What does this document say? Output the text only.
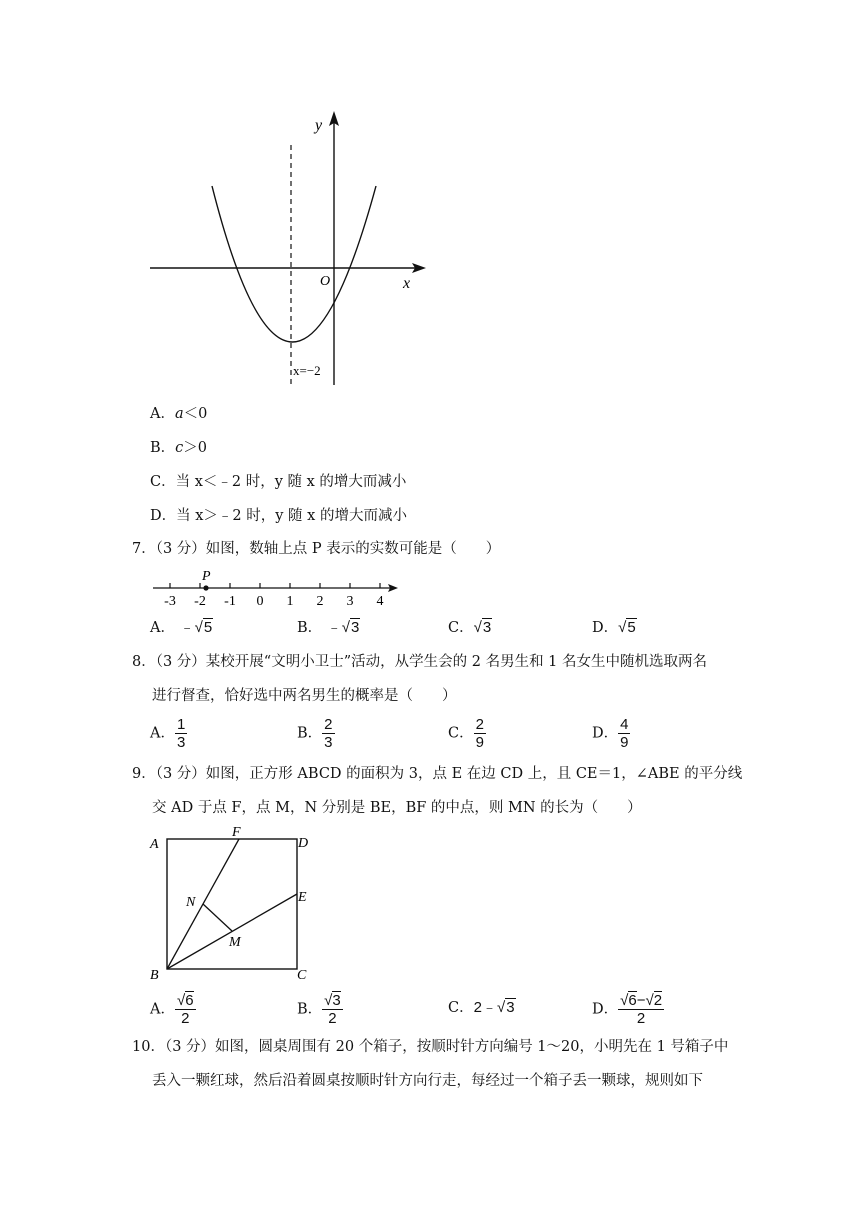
y
x
O
x=−2
A．a＜0
B．c＞0
C．当 x＜﹣2 时，y 随 x 的增大而减小
D．当 x＞﹣2 时，y 随 x 的增大而减小
7．（3 分）如图，数轴上点 P 表示的实数可能是（　　）
-3 -2 -1 0 1 2 3 4
P
A． ﹣√5	B． ﹣√3	C．√3	D．√5
8．（3 分）某校开展“文明小卫士”活动，从学生会的 2 名男生和 1 名女生中随机选取两名
进行督查，恰好选中两名男生的概率是（　　）
A． $\frac{1}{3}$	B． $\frac{2}{3}$	C． $\frac{2}{9}$	D． $\frac{4}{9}$
9．（3 分）如图，正方形 ABCD 的面积为 3，点 E 在边 CD 上，且 CE＝1，∠ABE 的平分线
交 AD 于点 F，点 M，N 分别是 BE，BF 的中点，则 MN 的长为（　　）
A
B	C
D
E
F
N
M
A． $\frac{√6}{2}$	B． $\frac{√3}{2}$	C．2﹣√3	D． $\frac{√6-√2}{2}$
10．（3 分）如图，圆桌周围有 20 个箱子，按顺时针方向编号 1～20，小明先在 1 号箱子中
丢入一颗红球，然后沿着圆桌按顺时针方向行走，每经过一个箱子丢一颗球，规则如下
